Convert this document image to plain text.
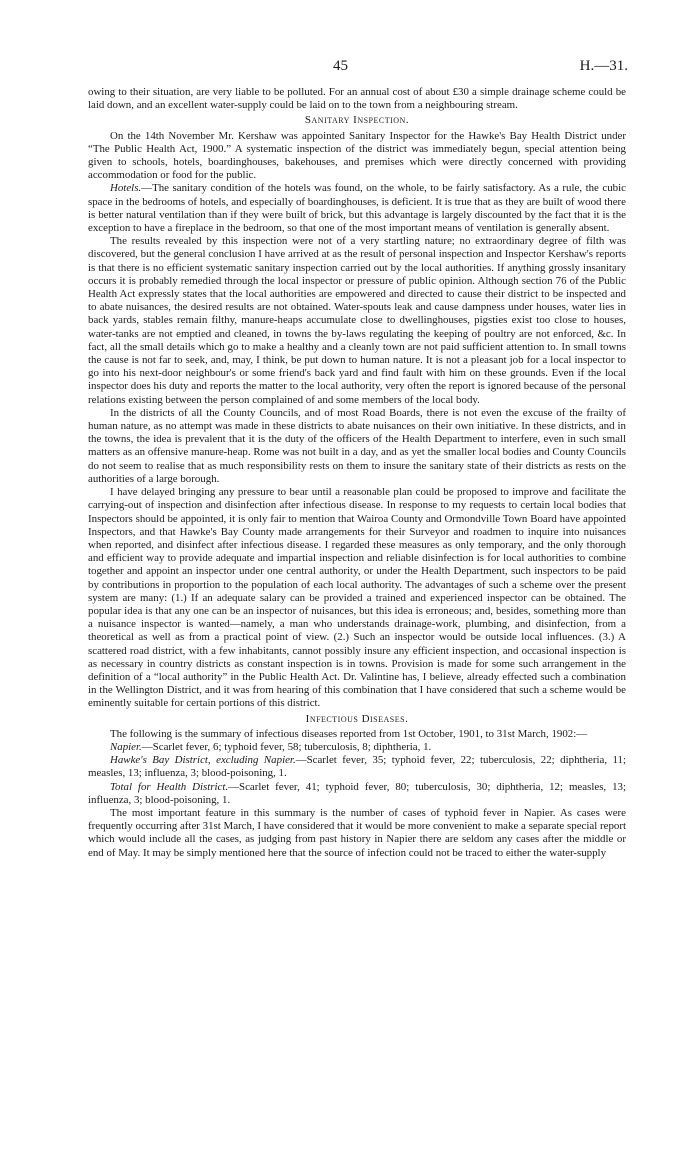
45	H.—31.

owing to their situation, are very liable to be polluted. For an annual cost of about £30 a simple drainage scheme could be laid down, and an excellent water-supply could be laid on to the town from a neighbouring stream.

Sanitary Inspection.

On the 14th November Mr. Kershaw was appointed Sanitary Inspector for the Hawke's Bay Health District under “The Public Health Act, 1900.” A systematic inspection of the district was immediately begun, special attention being given to schools, hotels, boardinghouses, bakehouses, and premises which were directly concerned with providing accommodation or food for the public.

Hotels.—The sanitary condition of the hotels was found, on the whole, to be fairly satisfactory. As a rule, the cubic space in the bedrooms of hotels, and especially of boardinghouses, is deficient. It is true that as they are built of wood there is better natural ventilation than if they were built of brick, but this advantage is largely discounted by the fact that it is the exception to have a fireplace in the bedroom, so that one of the most important means of ventilation is generally absent.

The results revealed by this inspection were not of a very startling nature; no extraordinary degree of filth was discovered, but the general conclusion I have arrived at as the result of personal inspection and Inspector Kershaw's reports is that there is no efficient systematic sanitary inspection carried out by the local authorities. If anything grossly insanitary occurs it is probably remedied through the local inspector or pressure of public opinion. Although section 76 of the Public Health Act expressly states that the local authorities are empowered and directed to cause their district to be inspected and to abate nuisances, the desired results are not obtained. Water-spouts leak and cause dampness under houses, water lies in back yards, stables remain filthy, manure-heaps accumulate close to dwellinghouses, pigsties exist too close to houses, water-tanks are not emptied and cleaned, in towns the by-laws regulating the keeping of poultry are not enforced, &c. In fact, all the small details which go to make a healthy and a cleanly town are not paid sufficient attention to. In small towns the cause is not far to seek, and, may, I think, be put down to human nature. It is not a pleasant job for a local inspector to go into his next-door neighbour's or some friend's back yard and find fault with him on these grounds. Even if the local inspector does his duty and reports the matter to the local authority, very often the report is ignored because of the personal relations existing between the person complained of and some members of the local body.

In the districts of all the County Councils, and of most Road Boards, there is not even the excuse of the frailty of human nature, as no attempt was made in these districts to abate nuisances on their own initiative. In these districts, and in the towns, the idea is prevalent that it is the duty of the officers of the Health Department to interfere, even in such small matters as an offensive manure-heap. Rome was not built in a day, and as yet the smaller local bodies and County Councils do not seem to realise that as much responsibility rests on them to insure the sanitary state of their districts as rests on the authorities of a large borough.

I have delayed bringing any pressure to bear until a reasonable plan could be proposed to improve and facilitate the carrying-out of inspection and disinfection after infectious disease. In response to my requests to certain local bodies that Inspectors should be appointed, it is only fair to mention that Wairoa County and Ormondville Town Board have appointed Inspectors, and that Hawke's Bay County made arrangements for their Surveyor and roadmen to inquire into nuisances when reported, and disinfect after infectious disease. I regarded these measures as only temporary, and the only thorough and efficient way to provide adequate and impartial inspection and reliable disinfection is for local authorities to combine together and appoint an inspector under one central authority, or under the Health Department, such inspectors to be paid by contributions in proportion to the population of each local authority. The advantages of such a scheme over the present system are many: (1.) If an adequate salary can be provided a trained and experienced inspector can be obtained. The popular idea is that any one can be an inspector of nuisances, but this idea is erroneous; and, besides, something more than a nuisance inspector is wanted—namely, a man who understands drainage-work, plumbing, and disinfection, from a theoretical as well as from a practical point of view. (2.) Such an inspector would be outside local influences. (3.) A scattered road district, with a few inhabitants, cannot possibly insure any efficient inspection, and occasional inspection is as necessary in country districts as constant inspection is in towns. Provision is made for some such arrangement in the definition of a “local authority” in the Public Health Act. Dr. Valintine has, I believe, already effected such a combination in the Wellington District, and it was from hearing of this combination that I have considered that such a scheme would be eminently suitable for certain portions of this district.

Infectious Diseases.

The following is the summary of infectious diseases reported from 1st October, 1901, to 31st March, 1902:—

Napier.—Scarlet fever, 6; typhoid fever, 58; tuberculosis, 8; diphtheria, 1.

Hawke's Bay District, excluding Napier.—Scarlet fever, 35; typhoid fever, 22; tuberculosis, 22; diphtheria, 11; measles, 13; influenza, 3; blood-poisoning, 1.

Total for Health District.—Scarlet fever, 41; typhoid fever, 80; tuberculosis, 30; diphtheria, 12; measles, 13; influenza, 3; blood-poisoning, 1.

The most important feature in this summary is the number of cases of typhoid fever in Napier. As cases were frequently occurring after 31st March, I have considered that it would be more convenient to make a separate special report which would include all the cases, as judging from past history in Napier there are seldom any cases after the middle or end of May. It may be simply mentioned here that the source of infection could not be traced to either the water-supply
